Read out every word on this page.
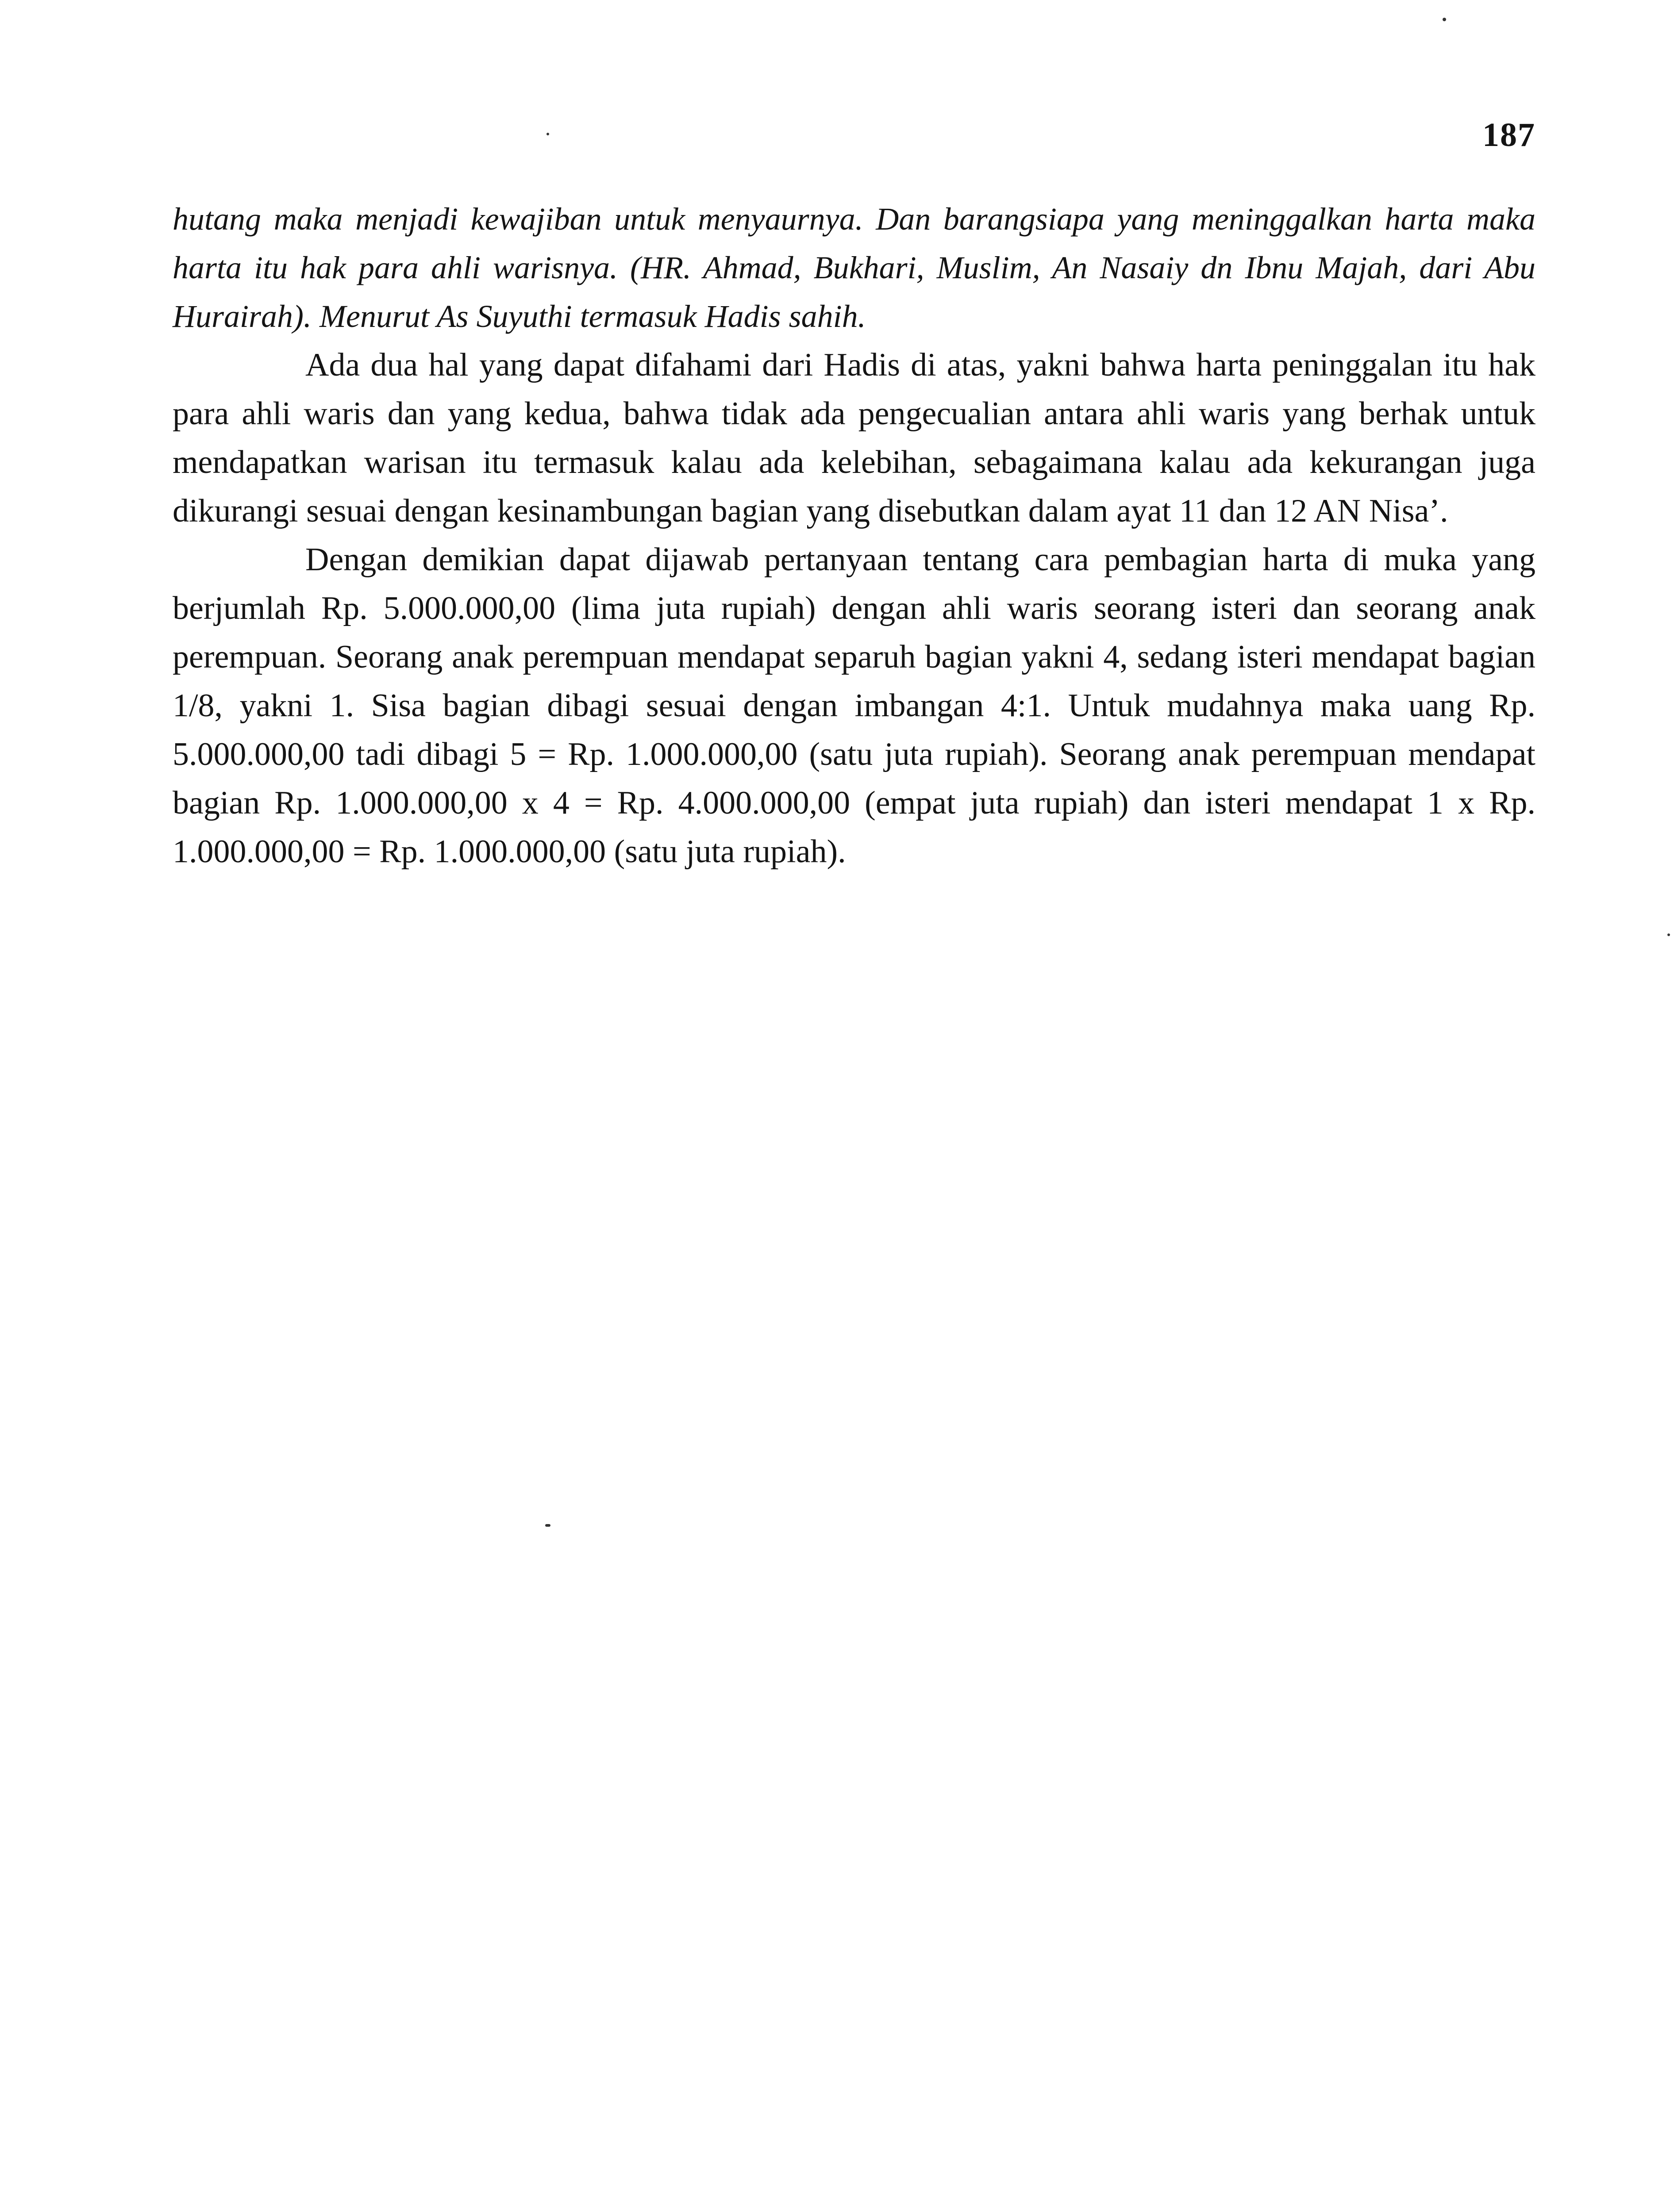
187

hutang maka menjadi kewajiban untuk menyaurnya. Dan barangsiapa yang meninggalkan harta maka harta itu hak para ahli warisnya. (HR. Ahmad, Bukhari, Muslim, An Nasaiy dn Ibnu Majah, dari Abu Hurairah). Menurut As Suyuthi termasuk Hadis sahih.

Ada dua hal yang dapat difahami dari Hadis di atas, yakni bahwa harta peninggalan itu hak para ahli waris dan yang kedua, bahwa tidak ada pengecualian antara ahli waris yang berhak untuk mendapatkan warisan itu termasuk kalau ada kelebihan, sebagaimana kalau ada kekurangan juga dikurangi sesuai dengan kesinambungan bagian yang disebutkan dalam ayat 11 dan 12 AN Nisa’.

Dengan demikian dapat dijawab pertanyaan tentang cara pembagian harta di muka yang berjumlah Rp. 5.000.000,00 (lima juta rupiah) dengan ahli waris seorang isteri dan seorang anak perempuan. Seorang anak perempuan mendapat separuh bagian yakni 4, sedang isteri mendapat bagian 1/8, yakni 1. Sisa bagian dibagi sesuai dengan imbangan 4:1. Untuk mudahnya maka uang Rp. 5.000.000,00 tadi dibagi 5 = Rp. 1.000.000,00 (satu juta rupiah). Seorang anak perempuan mendapat bagian Rp. 1.000.000,00 x 4 = Rp. 4.000.000,00 (empat juta rupiah) dan isteri mendapat 1 x Rp. 1.000.000,00 = Rp. 1.000.000,00 (satu juta rupiah).
